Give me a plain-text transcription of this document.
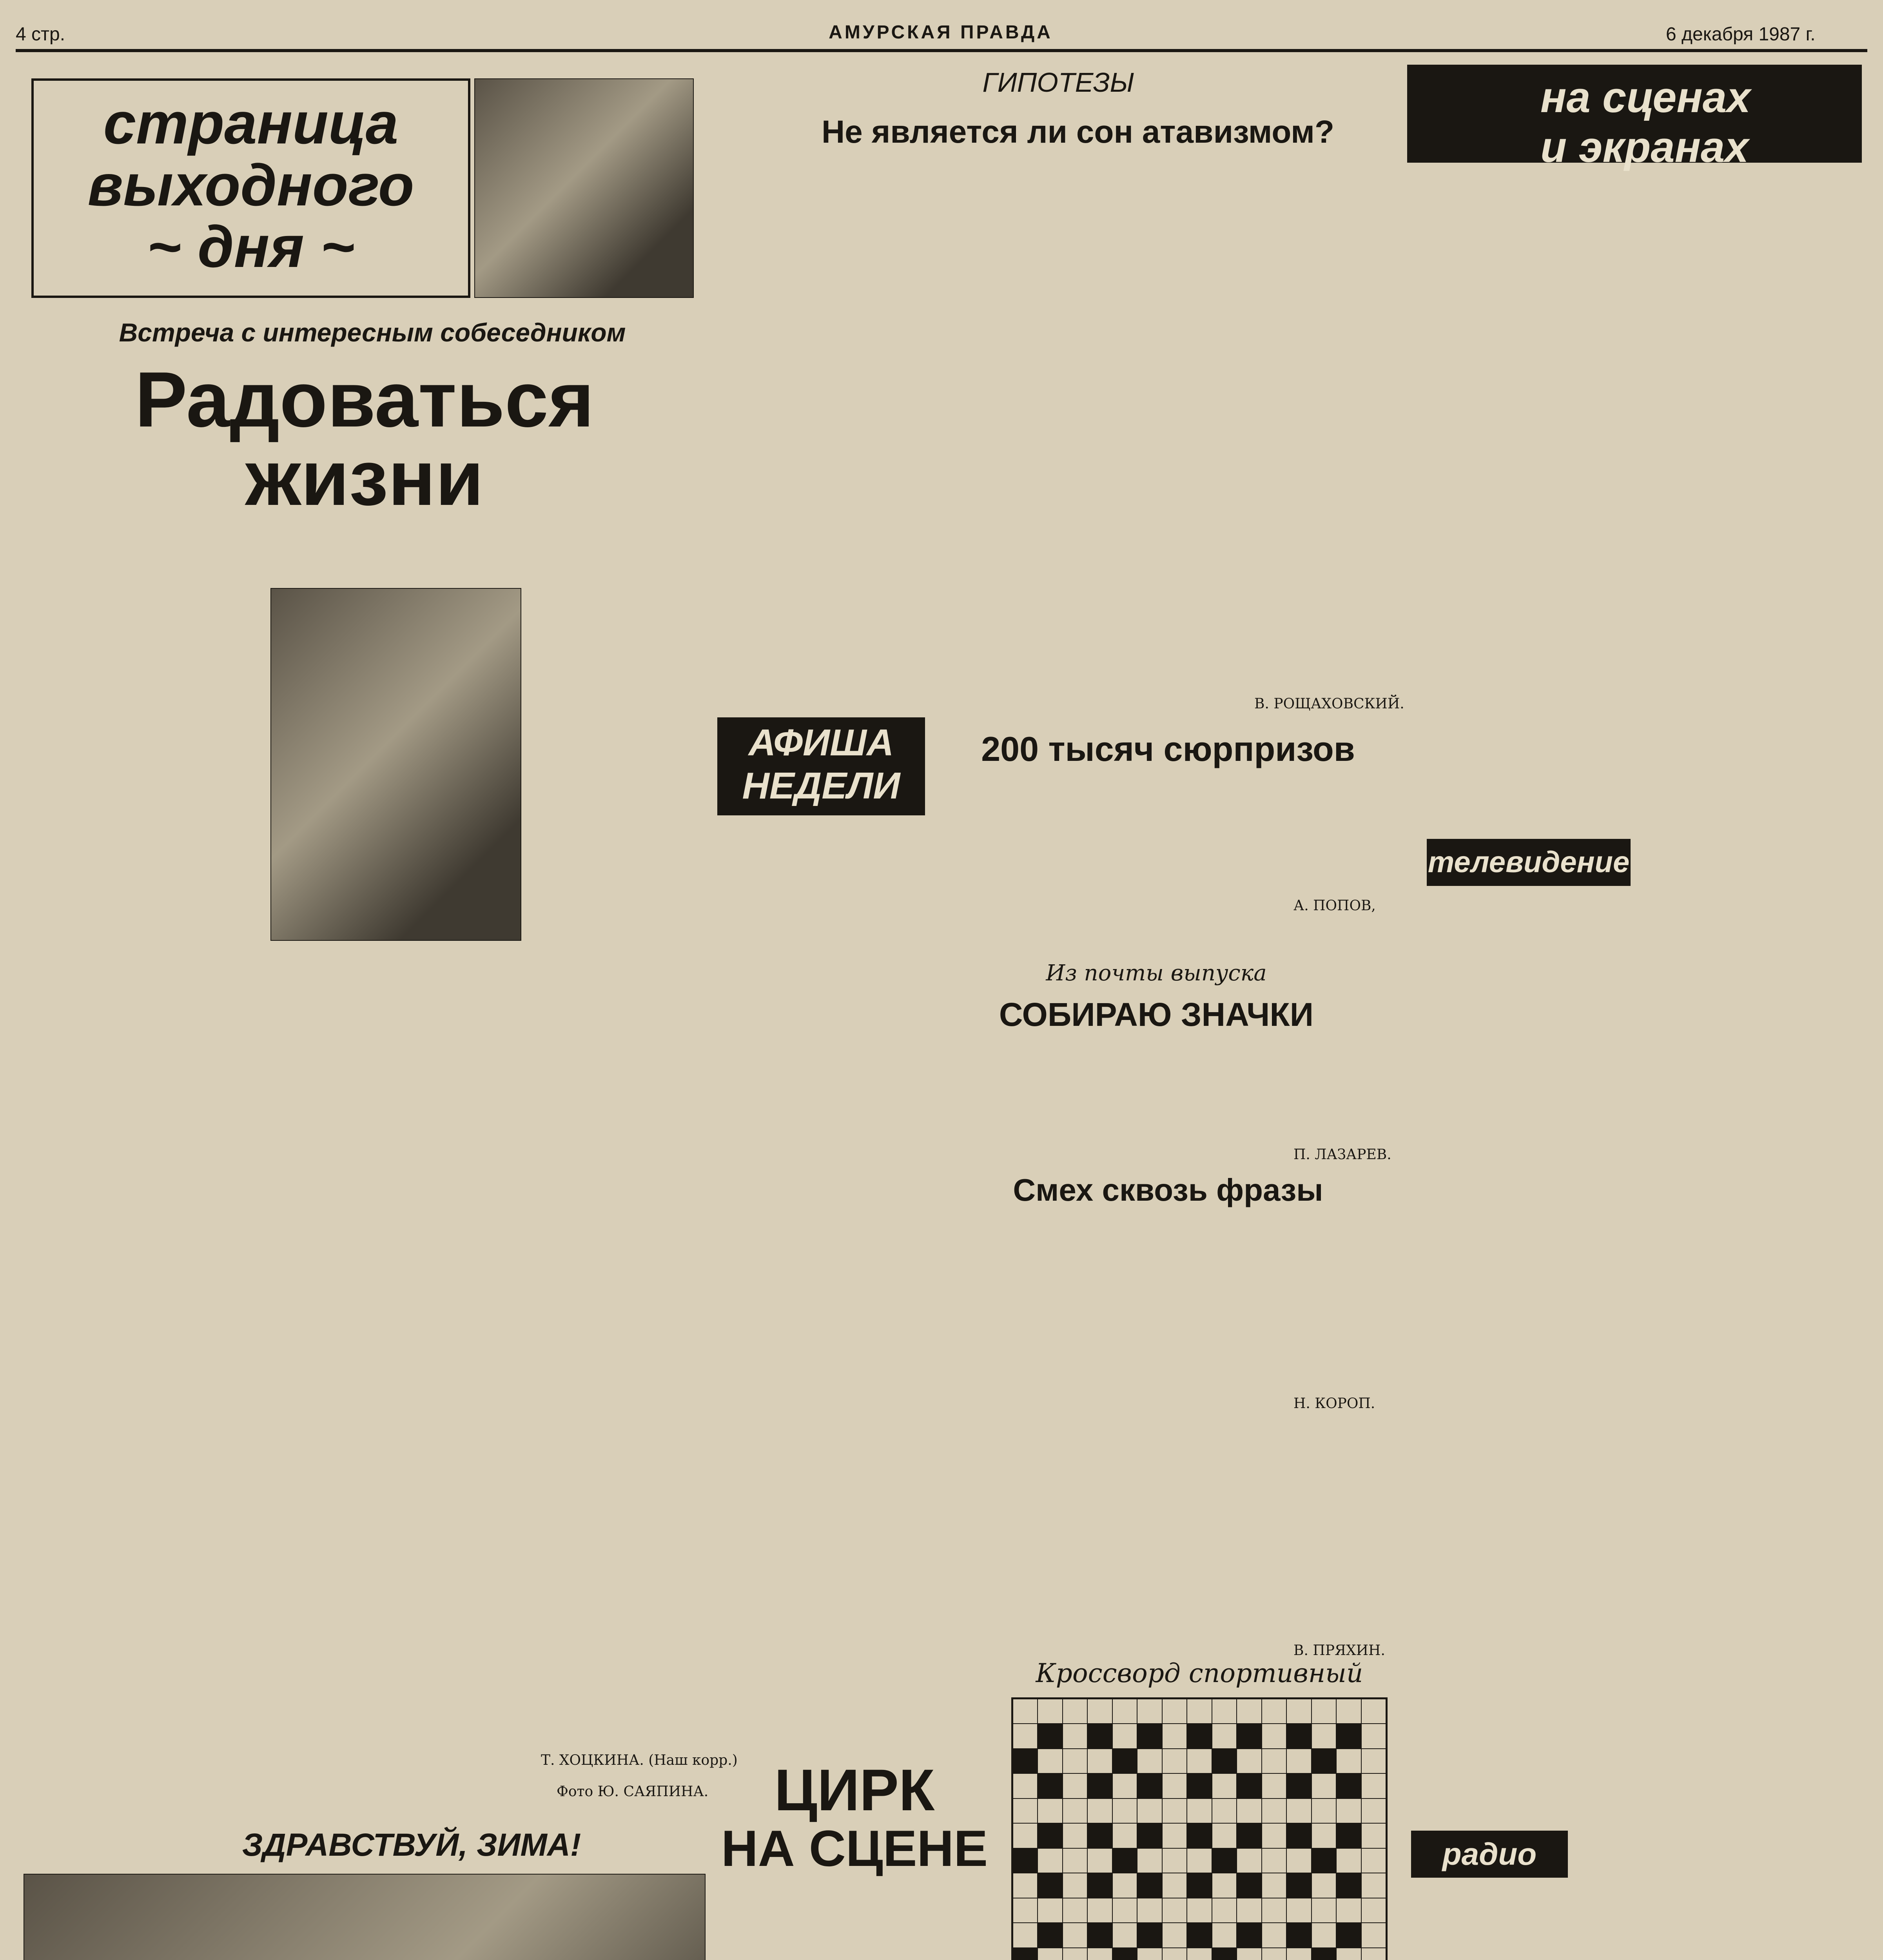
4 стр.	АМУРСКАЯ ПРАВДА	6 декабря 1987 г.
страница
выходного
~ дня ~
Встреча с интересным собеседником
Радоваться жизни
Т. ХОЦКИНА. (Наш корр.)
Фото Ю. САЯПИНА.
ЗДРАВСТВУЙ, ЗИМА!
ГИПОТЕЗЫ
Не является ли сон атавизмом?
В. РОЩАХОВСКИЙ.
АФИША
НЕДЕЛИ
200 тысяч сюрпризов
А. ПОПОВ,
Из почты выпуска
СОБИРАЮ ЗНАЧКИ
П. ЛАЗАРЕВ.
Смех сквозь фразы
Н. КОРОП.
В. ПРЯХИН.
ЦИРК
НА СЦЕНЕ
Кроссворд спортивный
на сценах
и экранах
телевидение
радио
